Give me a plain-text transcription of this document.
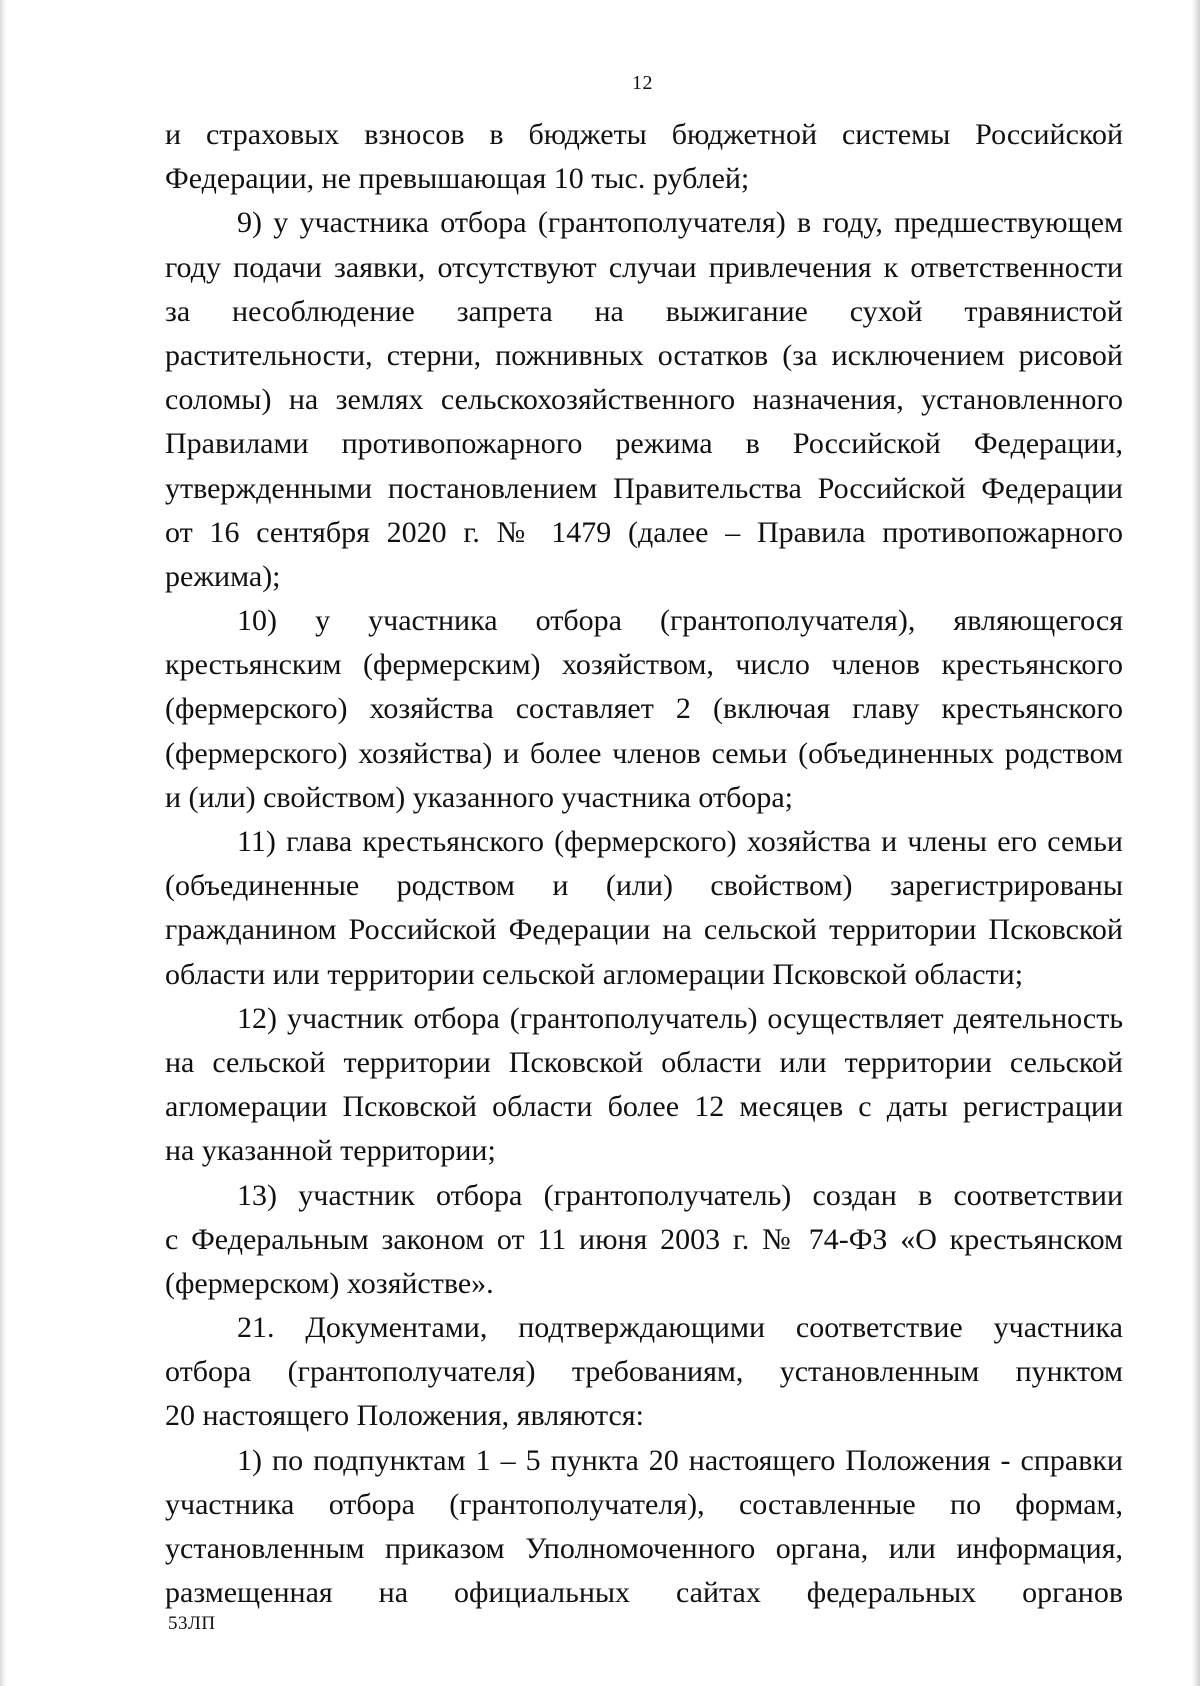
12
и страховых взносов в бюджеты бюджетной системы Российской
Федерации, не превышающая 10 тыс. рублей;
9) у участника отбора (грантополучателя) в году, предшествующем
году подачи заявки, отсутствуют случаи привлечения к ответственности
за несоблюдение запрета на выжигание сухой травянистой
растительности, стерни, пожнивных остатков (за исключением рисовой
соломы) на землях сельскохозяйственного назначения, установленного
Правилами противопожарного режима в Российской Федерации,
утвержденными постановлением Правительства Российской Федерации
от 16 сентября 2020 г. № 1479 (далее – Правила противопожарного
режима);
10) у участника отбора (грантополучателя), являющегося
крестьянским (фермерским) хозяйством, число членов крестьянского
(фермерского) хозяйства составляет 2 (включая главу крестьянского
(фермерского) хозяйства) и более членов семьи (объединенных родством
и (или) свойством) указанного участника отбора;
11) глава крестьянского (фермерского) хозяйства и члены его семьи
(объединенные родством и (или) свойством) зарегистрированы
гражданином Российской Федерации на сельской территории Псковской
области или территории сельской агломерации Псковской области;
12) участник отбора (грантополучатель) осуществляет деятельность
на сельской территории Псковской области или территории сельской
агломерации Псковской области более 12 месяцев с даты регистрации
на указанной территории;
13) участник отбора (грантополучатель) создан в соответствии
с Федеральным законом от 11 июня 2003 г. № 74-ФЗ «О крестьянском
(фермерском) хозяйстве».
21. Документами, подтверждающими соответствие участника
отбора (грантополучателя) требованиям, установленным пунктом
20 настоящего Положения, являются:
1) по подпунктам 1 – 5 пункта 20 настоящего Положения - справки
участника отбора (грантополучателя), составленные по формам,
установленным приказом Уполномоченного органа, или информация,
размещенная на официальных сайтах федеральных органов
53ЛП
